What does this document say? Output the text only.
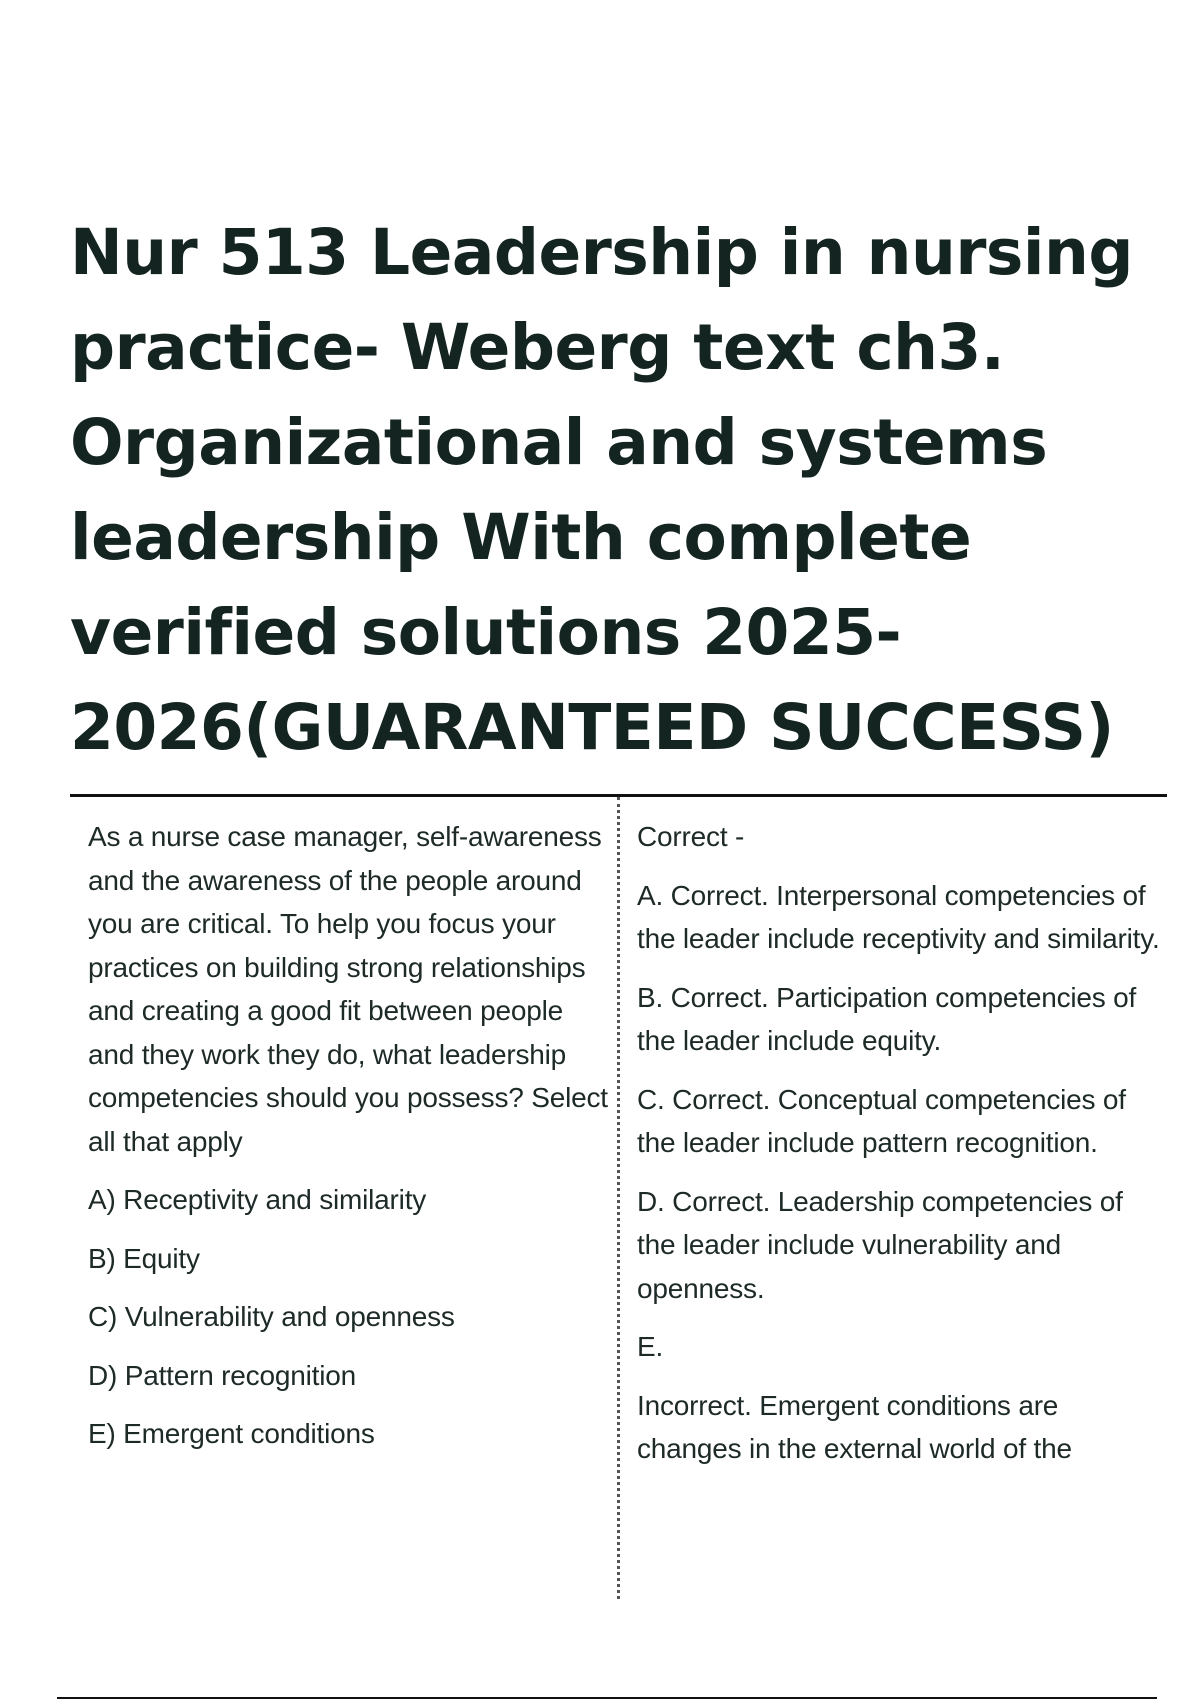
Nur 513 Leadership in nursing
practice- Weberg text ch3.
Organizational and systems
leadership With complete
verified solutions 2025-
2026(GUARANTEED SUCCESS)

As a nurse case manager, self-awareness and the awareness of the people around you are critical. To help you focus your practices on building strong relationships and creating a good fit between people and they work they do, what leadership competencies should you possess? Select all that apply

A) Receptivity and similarity

B) Equity

C) Vulnerability and openness

D) Pattern recognition

E) Emergent conditions

Correct -

A. Correct. Interpersonal competencies of the leader include receptivity and similarity.

B. Correct. Participation competencies of the leader include equity.

C. Correct. Conceptual competencies of the leader include pattern recognition.

D. Correct. Leadership competencies of the leader include vulnerability and openness.

E.

Incorrect. Emergent conditions are changes in the external world of the
